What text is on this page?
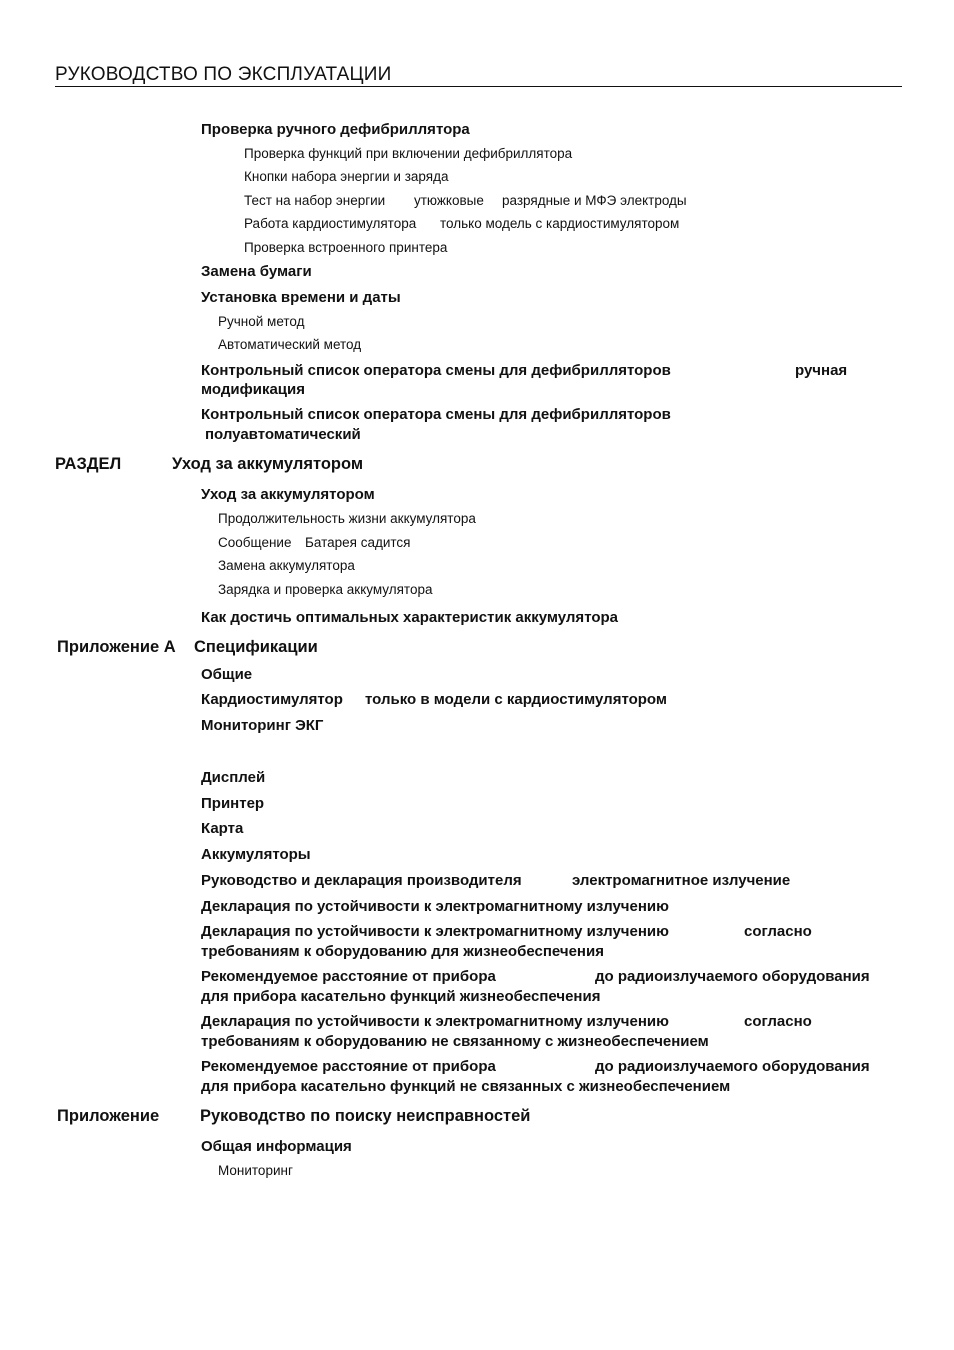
РУКОВОДСТВО ПО ЭКСПЛУАТАЦИИ
Проверка ручного дефибриллятора
Проверка функций при включении дефибриллятора
Кнопки набора энергии и заряда
Тест на набор энергии утюжковые разрядные и МФЭ электроды
Работа кардиостимулятора только модель с кардиостимулятором
Проверка встроенного принтера
Замена бумаги
Установка времени и даты
Ручной метод
Автоматический метод
Контрольный список оператора смены для дефибрилляторов	ручная
модификация
Контрольный список оператора смены для дефибрилляторов
полуавтоматический
РАЗДЕЛ	Уход за аккумулятором
Уход за аккумулятором
Продолжительность жизни аккумулятора
Сообщение Батарея садится
Замена аккумулятора
Зарядка и проверка аккумулятора
Как достичь оптимальных характеристик аккумулятора
Приложение А Спецификации
Общие
Кардиостимулятор только в модели с кардиостимулятором
Мониторинг ЭКГ
Дисплей
Принтер
Карта
Аккумуляторы
Руководство и декларация производителя	электромагнитное излучение
Декларация по устойчивости к электромагнитному излучению
Декларация по устойчивости к электромагнитному излучению	согласно
требованиям к оборудованию для жизнеобеспечения
Рекомендуемое расстояние от прибора	до радиоизлучаемого оборудования
для прибора касательно функций жизнеобеспечения
Декларация по устойчивости к электромагнитному излучению	согласно
требованиям к оборудованию не связанному с жизнеобеспечением
Рекомендуемое расстояние от прибора	до радиоизлучаемого оборудования
для прибора касательно функций не связанных с жизнеобеспечением
Приложение Руководство по поиску неисправностей
Общая информация
Мониторинг
